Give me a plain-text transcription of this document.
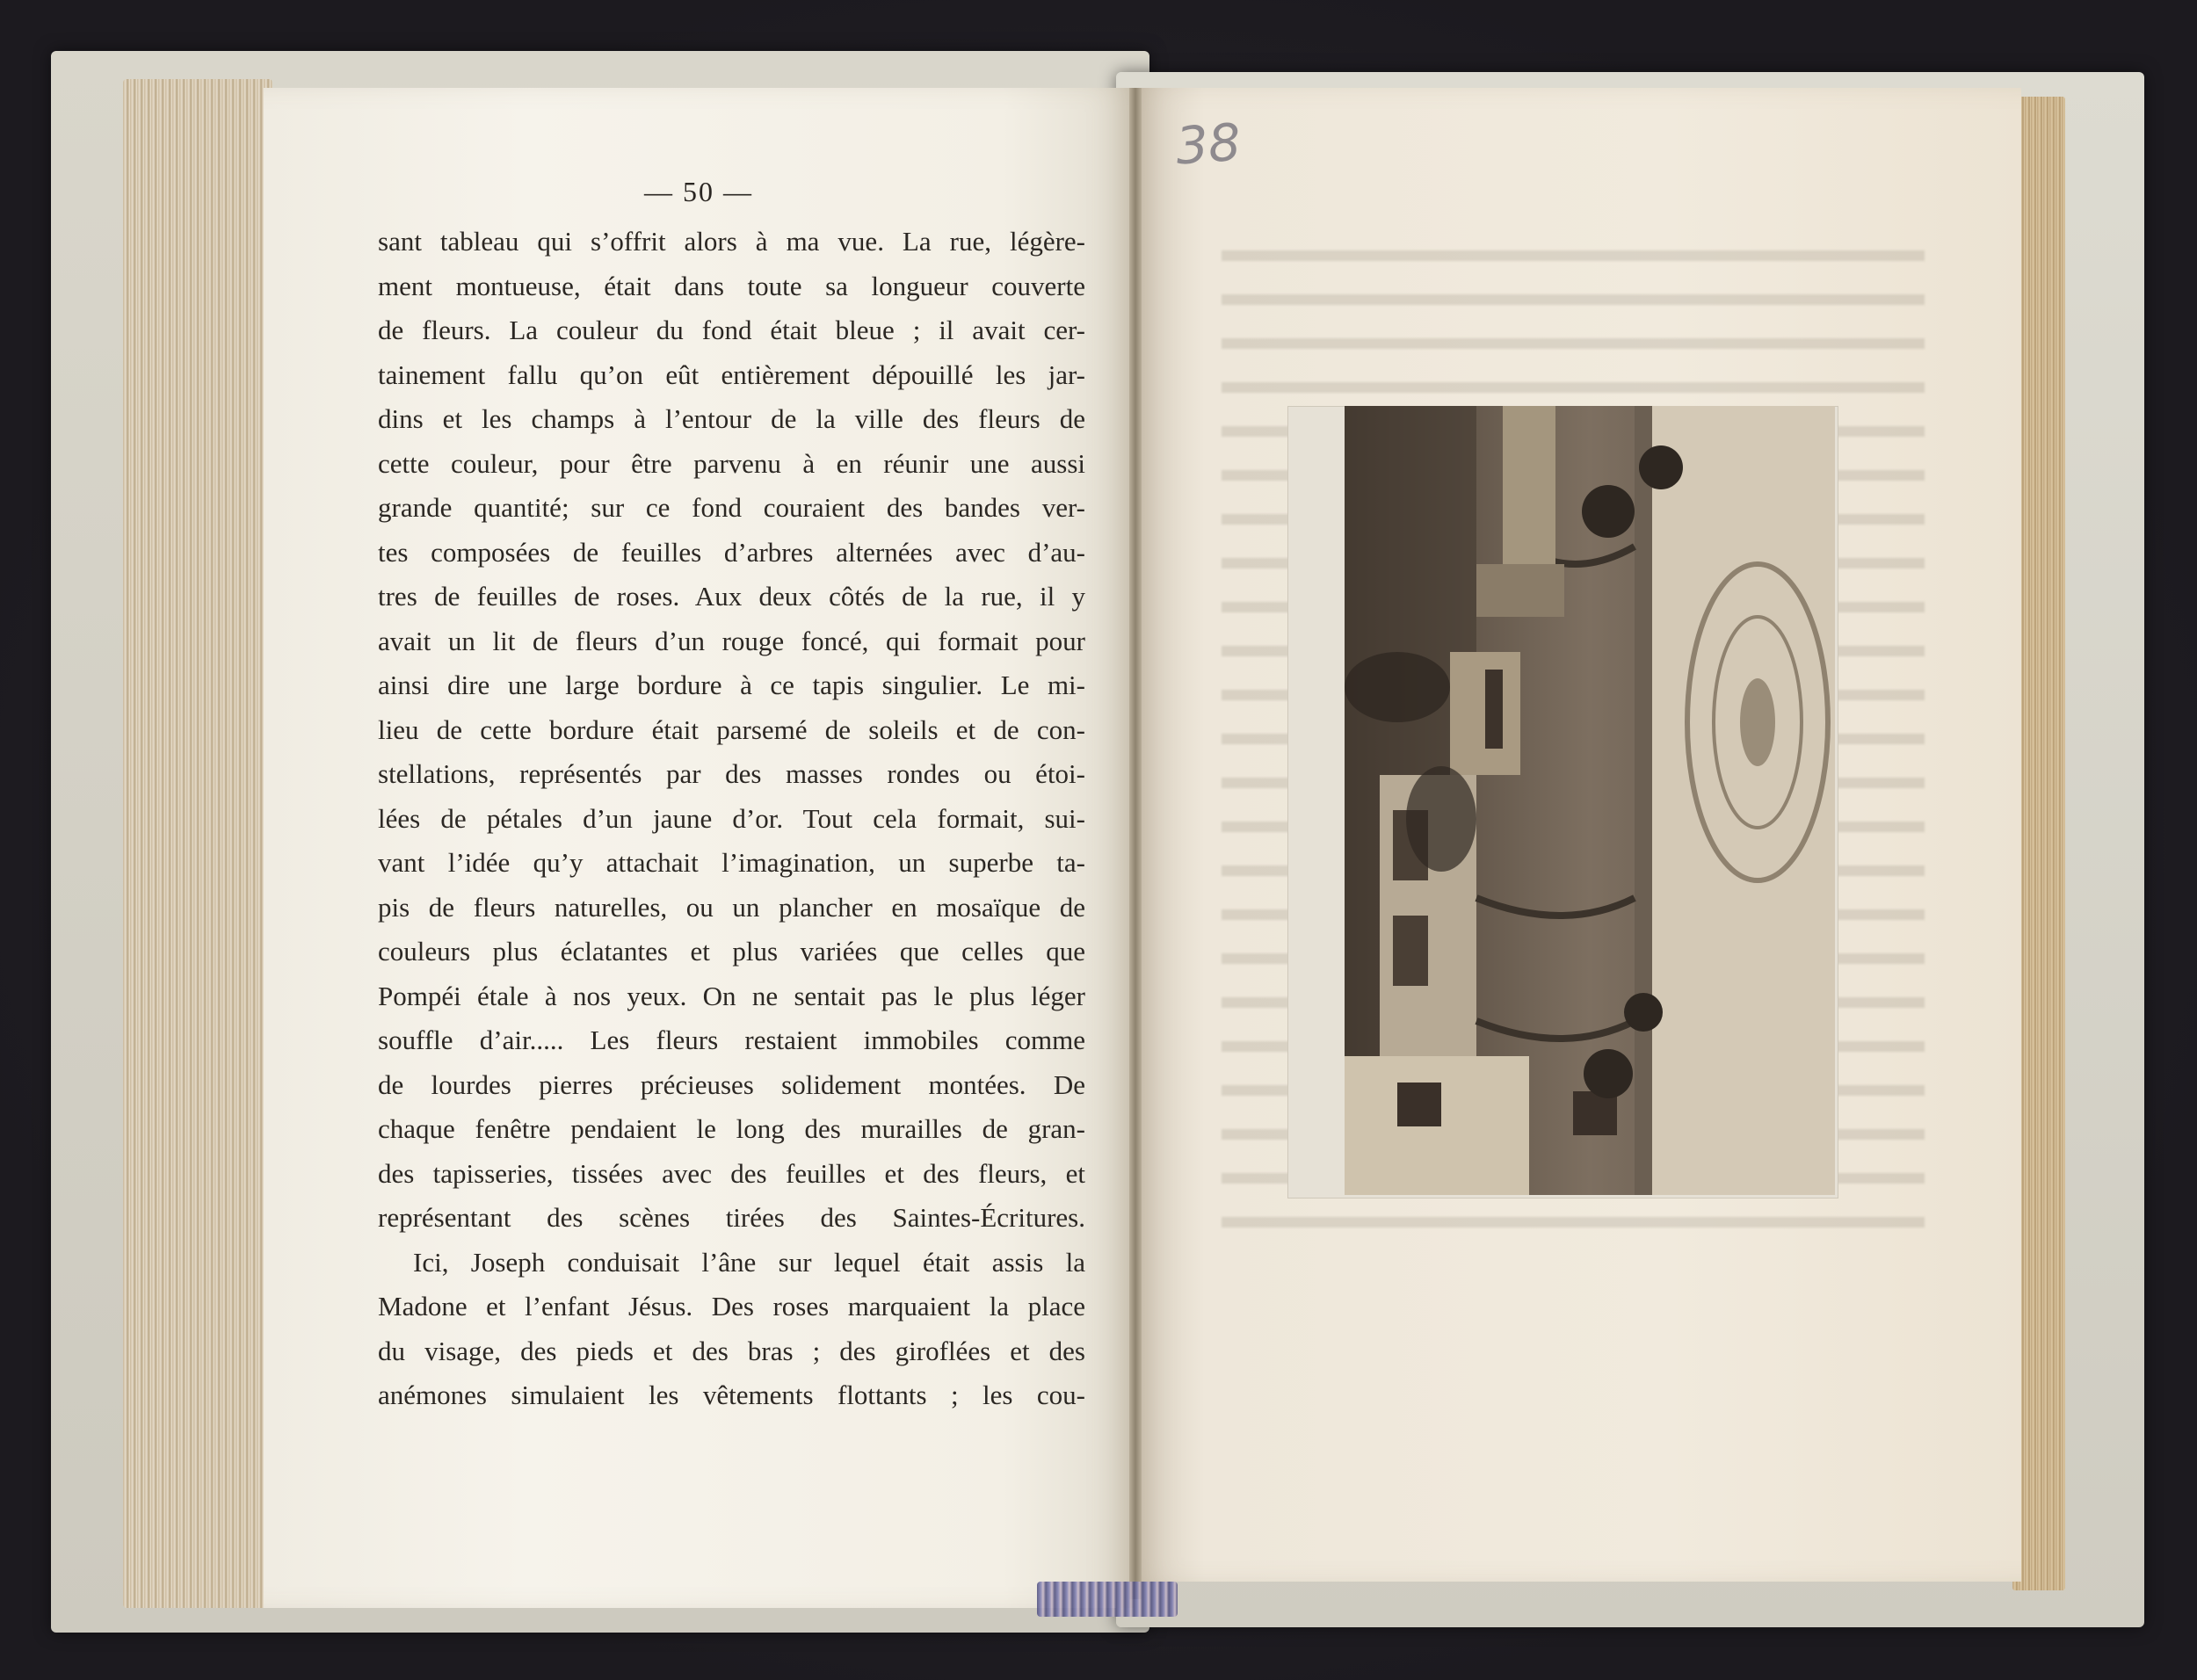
— 50 —

sant tableau qui s’offrit alors à ma vue. La rue, légère-
ment montueuse, était dans toute sa longueur couverte
de fleurs. La couleur du fond était bleue ; il avait cer-
tainement fallu qu’on eût entièrement dépouillé les jar-
dins et les champs à l’entour de la ville des fleurs de
cette couleur, pour être parvenu à en réunir une aussi
grande quantité; sur ce fond couraient des bandes ver-
tes composées de feuilles d’arbres alternées avec d’au-
tres de feuilles de roses. Aux deux côtés de la rue, il y
avait un lit de fleurs d’un rouge foncé, qui formait pour
ainsi dire une large bordure à ce tapis singulier. Le mi-
lieu de cette bordure était parsemé de soleils et de con-
stellations, représentés par des masses rondes ou étoi-
lées de pétales d’un jaune d’or. Tout cela formait, sui-
vant l’idée qu’y attachait l’imagination, un superbe ta-
pis de fleurs naturelles, ou un plancher en mosaïque de
couleurs plus éclatantes et plus variées que celles que
Pompéi étale à nos yeux. On ne sentait pas le plus léger
souffle d’air..... Les fleurs restaient immobiles comme
de lourdes pierres précieuses solidement montées. De
chaque fenêtre pendaient le long des murailles de gran-
des tapisseries, tissées avec des feuilles et des fleurs, et
représentant des scènes tirées des Saintes-Écritures.
Ici, Joseph conduisait l’âne sur lequel était assis la
Madone et l’enfant Jésus. Des roses marquaient la place
du visage, des pieds et des bras ; des giroflées et des
anémones simulaient les vêtements flottants ; les cou-

38
